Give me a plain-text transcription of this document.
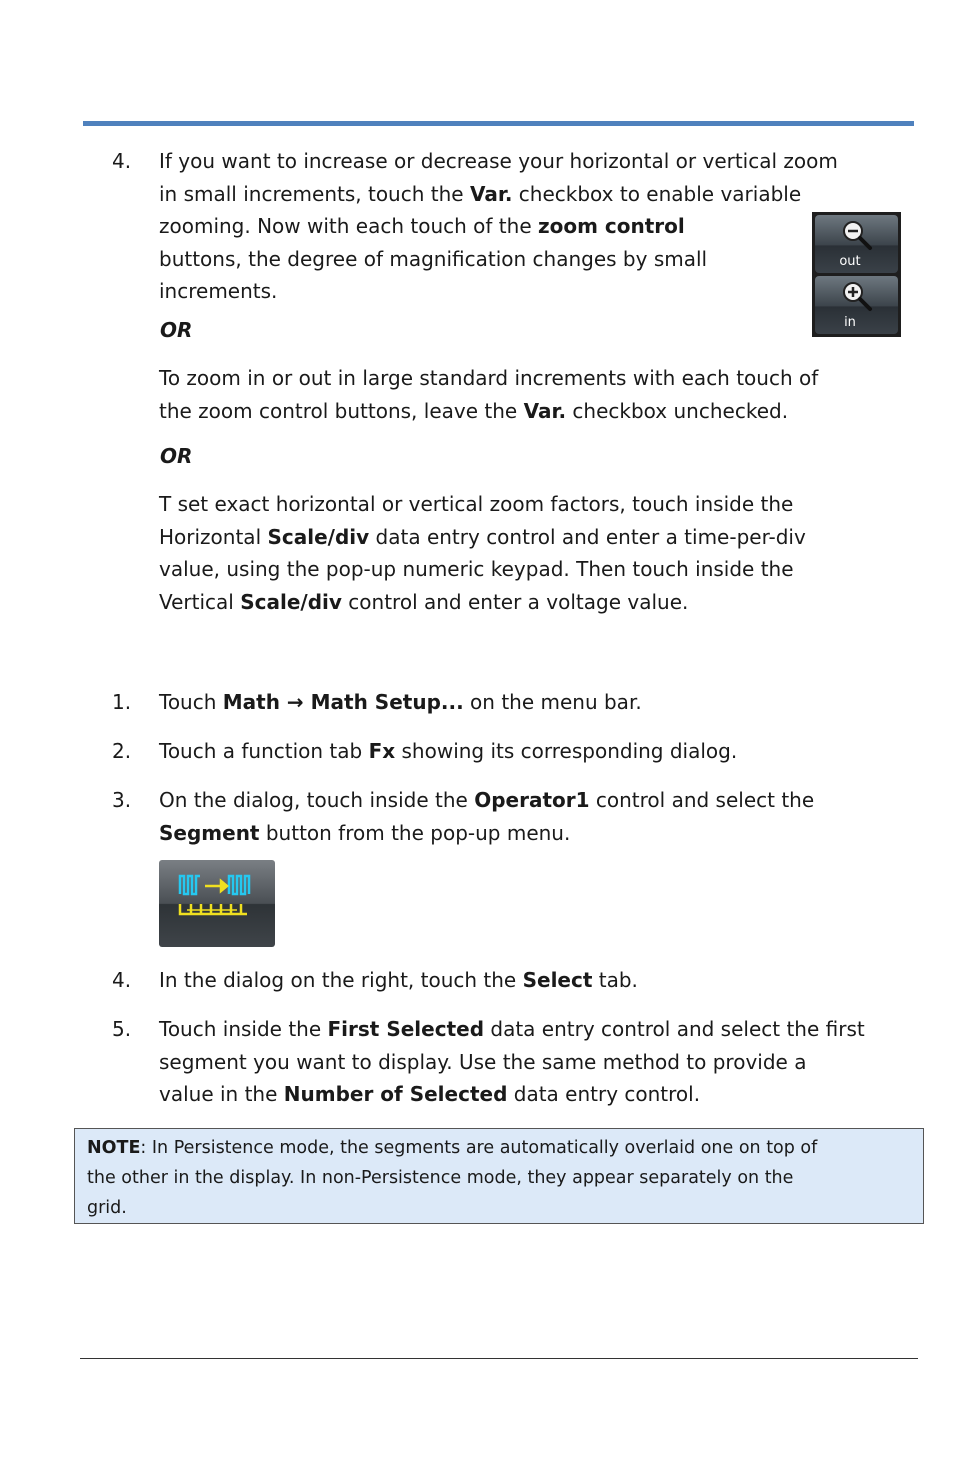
4.	If you want to increase or decrease your horizontal or vertical zoom
in small increments, touch the Var. checkbox to enable variable
zooming. Now with each touch of the zoom control
buttons, the degree of magnification changes by small
increments.
out
in
OR
To zoom in or out in large standard increments with each touch of
the zoom control buttons, leave the Var. checkbox unchecked.
OR
T set exact horizontal or vertical zoom factors, touch inside the
Horizontal Scale/div data entry control and enter a time-per-div
value, using the pop-up numeric keypad. Then touch inside the
Vertical Scale/div control and enter a voltage value.
1.	Touch Math → Math Setup... on the menu bar.
2.	Touch a function tab Fx showing its corresponding dialog.
3.	On the dialog, touch inside the Operator1 control and select the
Segment button from the pop-up menu.
4.	In the dialog on the right, touch the Select tab.
5.	Touch inside the First Selected data entry control and select the first
segment you want to display. Use the same method to provide a
value in the Number of Selected data entry control.
NOTE: In Persistence mode, the segments are automatically overlaid one on top of
the other in the display. In non-Persistence mode, they appear separately on the
grid.
